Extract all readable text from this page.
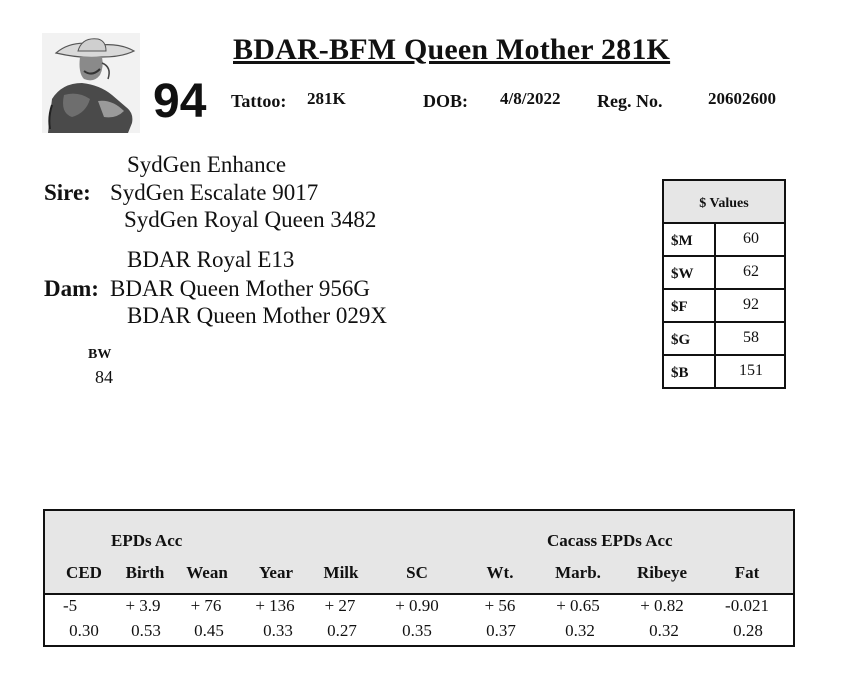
BDAR-BFM Queen Mother 281K
94 Tattoo: 281K	DOB: 4/8/2022 Reg. No.	20602600
SydGen Enhance
Sire: SydGen Escalate 9017
SydGen Royal Queen 3482
BDAR Royal E13
Dam: BDAR Queen Mother 956G
BDAR Queen Mother 029X
BW
84
$ Values
$M	60
$W	62
$F	92
$G	58
$B	151
EPDs Acc	Cacass EPDs Acc
CED Birth Wean Year Milk	SC	Wt. Marb. Ribeye	Fat
-5	+ 3.9 + 76 + 136 + 27 + 0.90	+ 56 + 0.65 + 0.82 -0.021
0.30 0.53 0.45 0.33 0.27	0.35	0.37	0.32	0.32	0.28
